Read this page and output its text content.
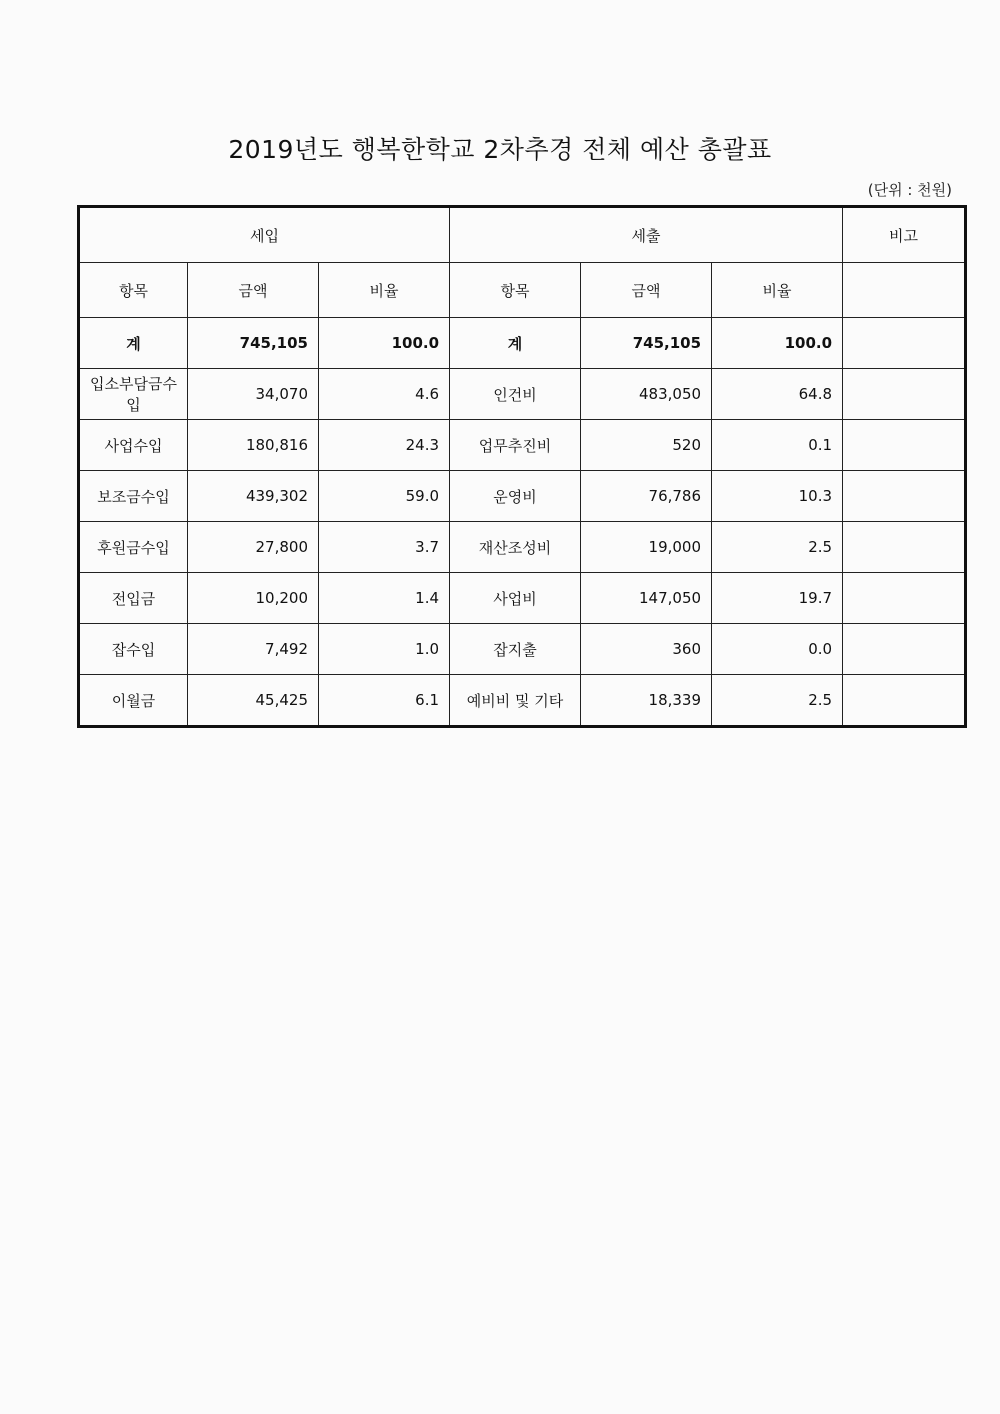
2019년도 행복한학교 2차추경 전체 예산 총괄표
(단위 : 천원)
세입			세출			비고
항목	금액	비율	항목	금액	비율	
계	745,105	100.0	계	745,105	100.0	
입소부담금수입	34,070	4.6	인건비	483,050	64.8	
사업수입	180,816	24.3	업무추진비	520	0.1	
보조금수입	439,302	59.0	운영비	76,786	10.3	
후원금수입	27,800	3.7	재산조성비	19,000	2.5	
전입금	10,200	1.4	사업비	147,050	19.7	
잡수입	7,492	1.0	잡지출	360	0.0	
이월금	45,425	6.1	예비비 및 기타	18,339	2.5	
